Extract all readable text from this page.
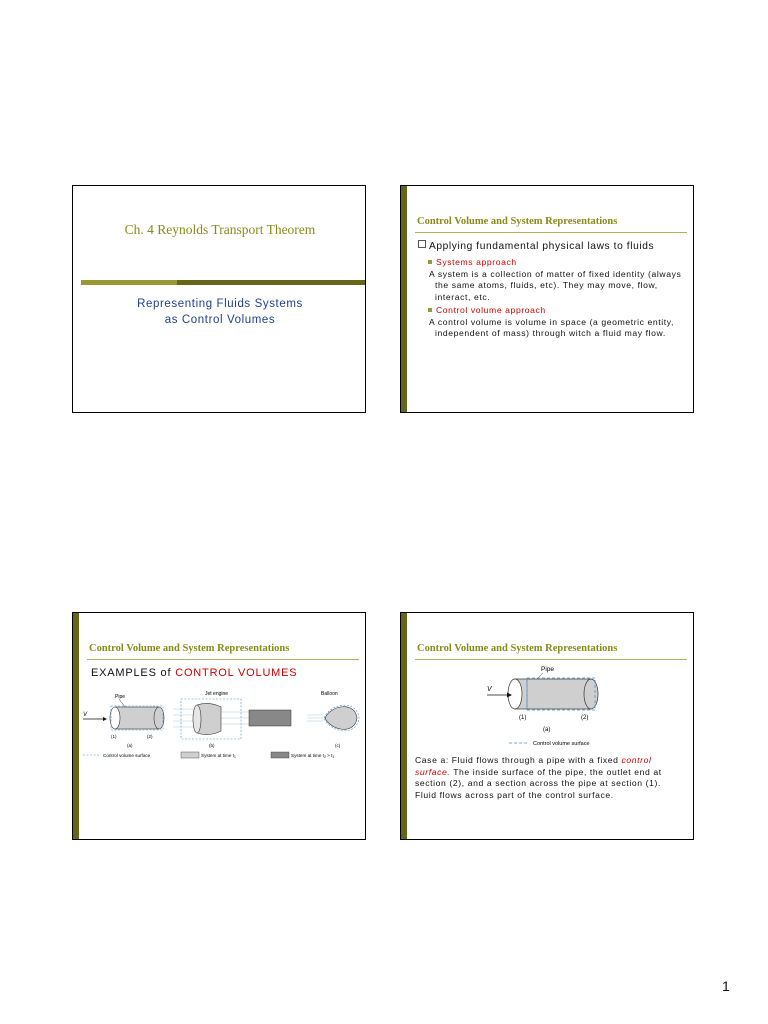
Ch. 4 Reynolds Transport Theorem
Representing Fluids Systems
as Control Volumes
Control Volume and System Representations
Applying fundamental physical laws to fluids
Systems approach
A system is a collection of matter of fixed identity (always the same atoms, fluids, etc). They may move, flow, interact, etc.
Control volume approach
A control volume is volume in space (a geometric entity, independent of mass) through witch a fluid may flow.
Control Volume and System Representations
EXAMPLES of CONTROL VOLUMES
Pipe
V
(1)	(2)
(a)
Jet engine
(b)
Balloon
(c)
Control volume surface	System at time $t_1$	System at time $t_2 > t_1$
Control Volume and System Representations
Pipe
V
(1)	(2)
(a)
Control volume surface
Case a: Fluid flows through a pipe with a fixed control surface. The inside surface of the pipe, the outlet end at section (2), and a section across the pipe at section (1). Fluid flows across part of the control surface.
1
